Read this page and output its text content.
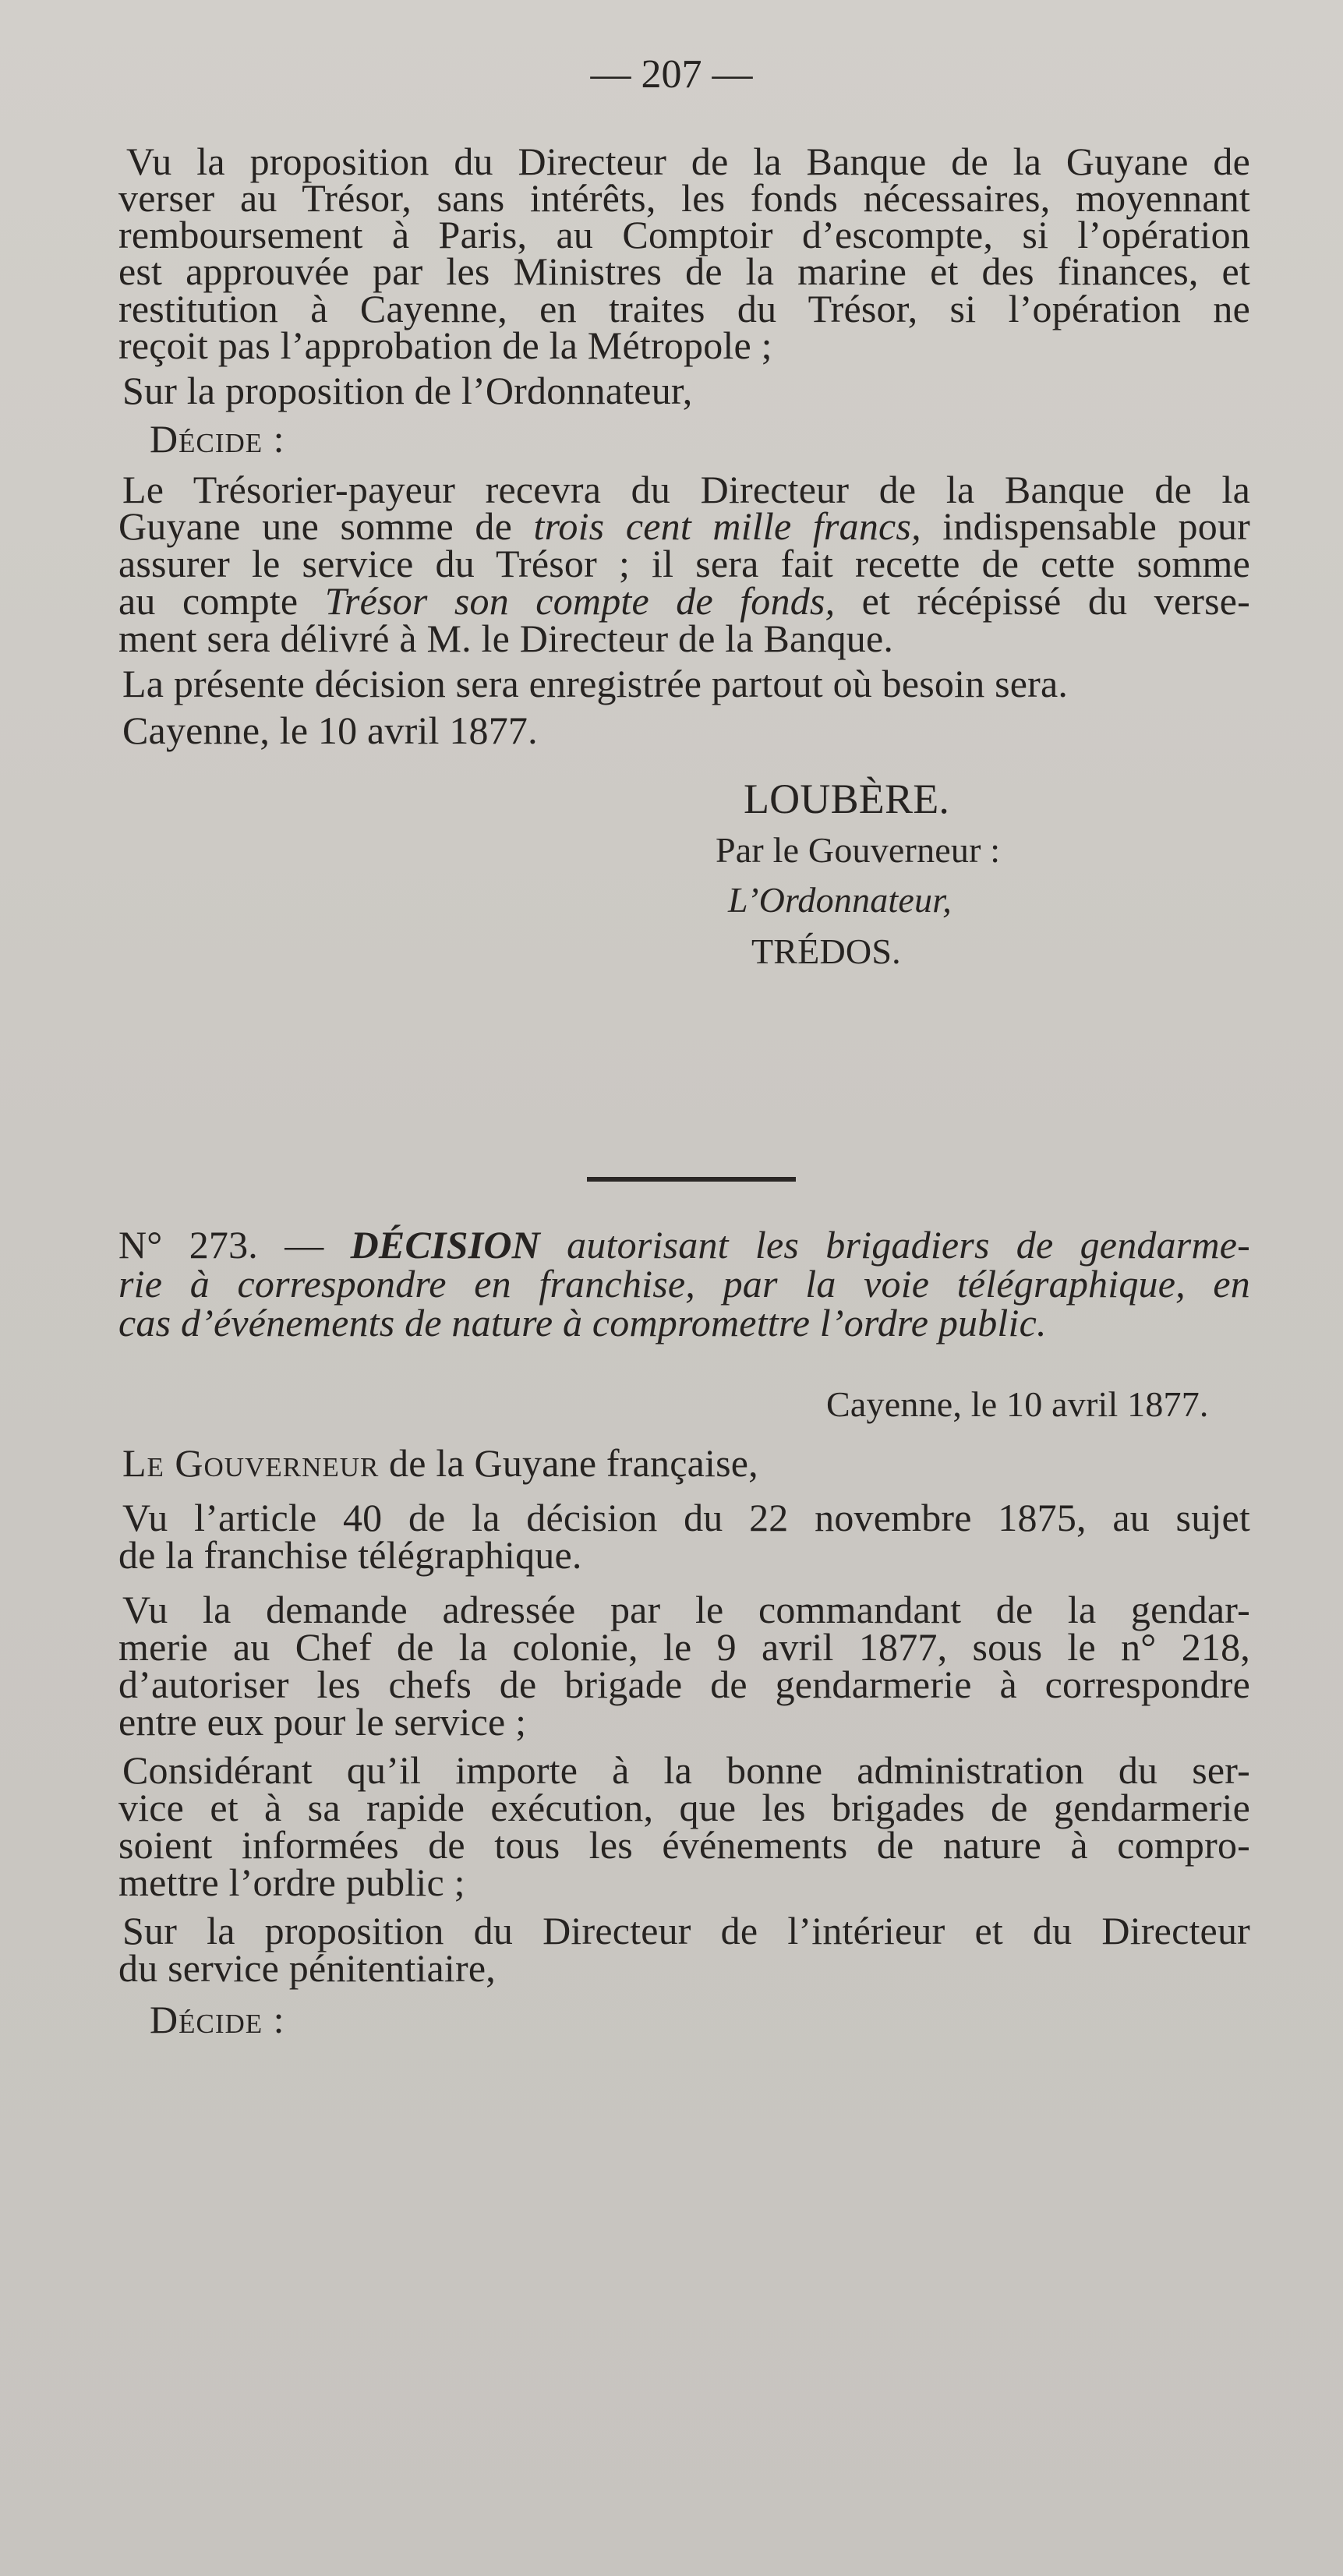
— 207 —
Vu la proposition du Directeur de la Banque de la Guyane de
verser au Trésor, sans intérêts, les fonds nécessaires, moyennant
remboursement à Paris, au Comptoir d’escompte, si l’opération
est approuvée par les Ministres de la marine et des finances, et
restitution à Cayenne, en traites du Trésor, si l’opération ne
reçoit pas l’approbation de la Métropole ;
Sur la proposition de l’Ordonnateur,
Décide :
Le Trésorier-payeur recevra du Directeur de la Banque de la
Guyane une somme de trois cent mille francs, indispensable pour
assurer le service du Trésor ; il sera fait recette de cette somme
au compte Trésor son compte de fonds, et récépissé du verse-
ment sera délivré à M. le Directeur de la Banque.
La présente décision sera enregistrée partout où besoin sera.
Cayenne, le 10 avril 1877.
LOUBÈRE.
Par le Gouverneur :
L’Ordonnateur,
TRÉDOS.
N° 273. — DÉCISION autorisant les brigadiers de gendarme-
rie à correspondre en franchise, par la voie télégraphique, en
cas d’événements de nature à compromettre l’ordre public.
Cayenne, le 10 avril 1877.
Le Gouverneur de la Guyane française,
Vu l’article 40 de la décision du 22 novembre 1875, au sujet
de la franchise télégraphique.
Vu la demande adressée par le commandant de la gendar-
merie au Chef de la colonie, le 9 avril 1877, sous le n° 218,
d’autoriser les chefs de brigade de gendarmerie à correspondre
entre eux pour le service ;
Considérant qu’il importe à la bonne administration du ser-
vice et à sa rapide exécution, que les brigades de gendarmerie
soient informées de tous les événements de nature à compro-
mettre l’ordre public ;
Sur la proposition du Directeur de l’intérieur et du Directeur
du service pénitentiaire,
Décide :
